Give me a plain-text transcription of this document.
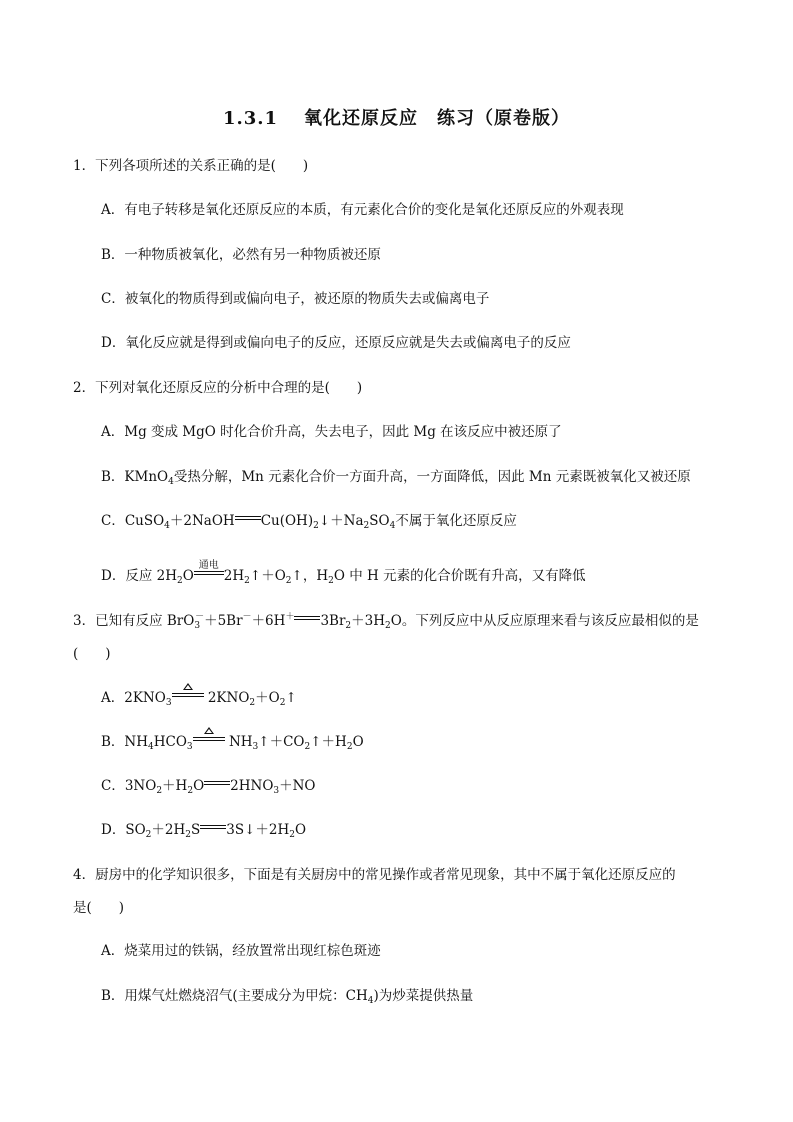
1.3.1 氧化还原反应　练习（原卷版）
1．下列各项所述的关系正确的是(　　)
A．有电子转移是氧化还原反应的本质，有元素化合价的变化是氧化还原反应的外观表现
B．一种物质被氧化，必然有另一种物质被还原
C．被氧化的物质得到或偏向电子，被还原的物质失去或偏离电子
D．氧化反应就是得到或偏向电子的反应，还原反应就是失去或偏离电子的反应
2．下列对氧化还原反应的分析中合理的是(　　)
A．Mg 变成 MgO 时化合价升高，失去电子，因此 Mg 在该反应中被还原了
B．KMnO$_4$受热分解，Mn 元素化合价一方面升高，一方面降低，因此 Mn 元素既被氧化又被还原
C．CuSO$_4$＋2NaOH $Cu(OH)_2↓+Na_2SO_4$不属于氧化还原反应
D．反应 $2H_2O$
通电
$2H_2↑+O_2↑$，$H_2O$ 中 H 元素的化合价既有升高，又有降低
3．已知有反应 BrO$_3$－＋5Br－＋6H＋ $3Br_2+3H_2O$。下列反应中从反应原理来看与该反应最相似的是
(　　)
A．$2KNO_3$
$2KNO_2+O_2↑$
B．$NH_4HCO_3$
$NH_3↑+CO_2↑+H_2O$
C．$3NO_2+H_2O$ $2HNO_3+NO$
D．$SO_2+2H_2S$ $3S↓+2H_2O$
4．厨房中的化学知识很多，下面是有关厨房中的常见操作或者常见现象，其中不属于氧化还原反应的
是(　　)
A．烧菜用过的铁锅，经放置常出现红棕色斑迹
B．用煤气灶燃烧沼气(主要成分为甲烷：$CH_4$)为炒菜提供热量
